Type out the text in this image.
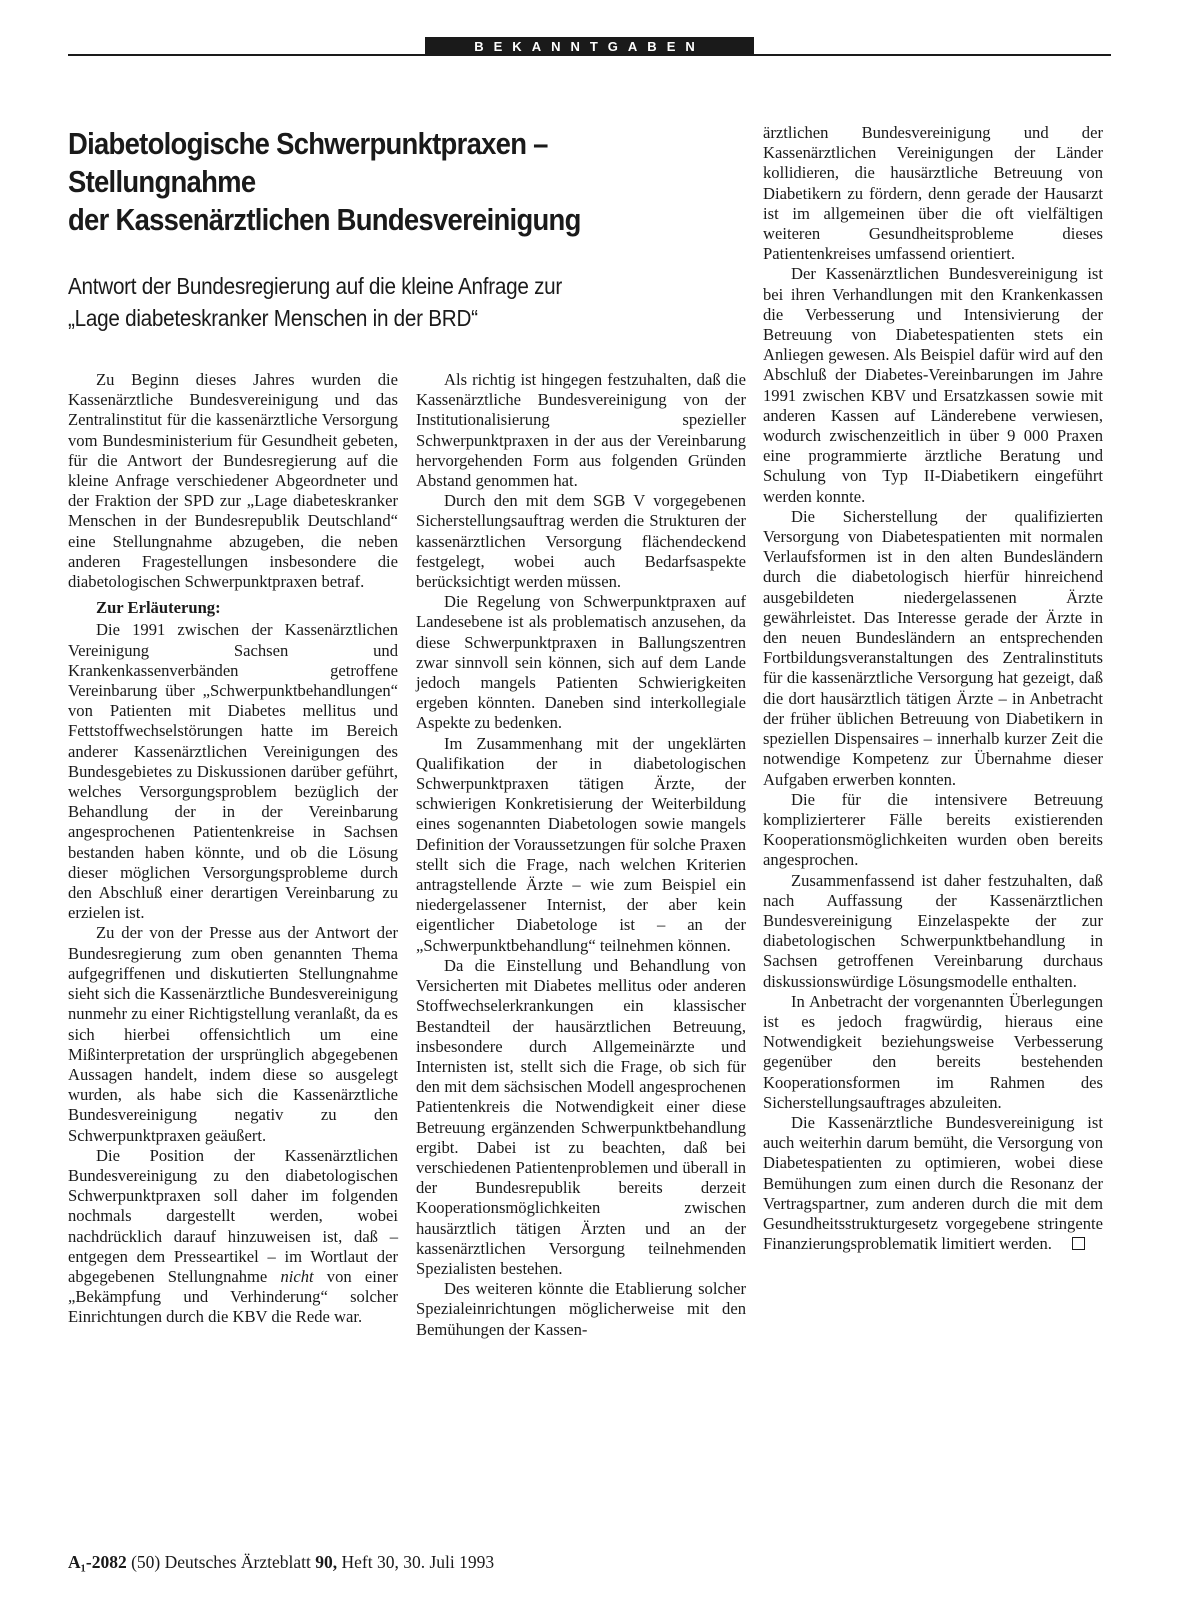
BEKANNTGABEN
Diabetologische Schwerpunktpraxen –
Stellungnahme
der Kassenärztlichen Bundesvereinigung
Antwort der Bundesregierung auf die kleine Anfrage zur
„Lage diabeteskranker Menschen in der BRD“

Zu Beginn dieses Jahres wurden die Kassenärztliche Bundesvereinigung und das Zentralinstitut für die kassenärztliche Versorgung vom Bundesministerium für Gesundheit gebeten, für die Antwort der Bundesregierung auf die kleine Anfrage verschiedener Abgeordneter und der Fraktion der SPD zur „Lage diabeteskranker Menschen in der Bundesrepublik Deutschland“ eine Stellungnahme abzugeben, die neben anderen Fragestellungen insbesondere die diabetologischen Schwerpunktpraxen betraf.

Zur Erläuterung:

Die 1991 zwischen der Kassenärztlichen Vereinigung Sachsen und Krankenkassenverbänden getroffene Vereinbarung über „Schwerpunktbehandlungen“ von Patienten mit Diabetes mellitus und Fettstoffwechselstörungen hatte im Bereich anderer Kassenärztlichen Vereinigungen des Bundesgebietes zu Diskussionen darüber geführt, welches Versorgungsproblem bezüglich der Behandlung der in der Vereinbarung angesprochenen Patientenkreise in Sachsen bestanden haben könnte, und ob die Lösung dieser möglichen Versorgungsprobleme durch den Abschluß einer derartigen Vereinbarung zu erzielen ist.

Zu der von der Presse aus der Antwort der Bundesregierung zum oben genannten Thema aufgegriffenen und diskutierten Stellungnahme sieht sich die Kassenärztliche Bundesvereinigung nunmehr zu einer Richtigstellung veranlaßt, da es sich hierbei offensichtlich um eine Mißinterpretation der ursprünglich abgegebenen Aussagen handelt, indem diese so ausgelegt wurden, als habe sich die Kassenärztliche Bundesvereinigung negativ zu den Schwerpunktpraxen geäußert.

Die Position der Kassenärztlichen Bundesvereinigung zu den diabetologischen Schwerpunktpraxen soll daher im folgenden nochmals dargestellt werden, wobei nachdrücklich darauf hinzuweisen ist, daß – entgegen dem Presseartikel – im Wortlaut der abgegebenen Stellungnahme nicht von einer „Bekämpfung und Verhinderung“ solcher Einrichtungen durch die KBV die Rede war.

Als richtig ist hingegen festzuhalten, daß die Kassenärztliche Bundesvereinigung von der Institutionalisierung spezieller Schwerpunktpraxen in der aus der Vereinbarung hervorgehenden Form aus folgenden Gründen Abstand genommen hat.

Durch den mit dem SGB V vorgegebenen Sicherstellungsauftrag werden die Strukturen der kassenärztlichen Versorgung flächendeckend festgelegt, wobei auch Bedarfsaspekte berücksichtigt werden müssen.

Die Regelung von Schwerpunktpraxen auf Landesebene ist als problematisch anzusehen, da diese Schwerpunktpraxen in Ballungszentren zwar sinnvoll sein können, sich auf dem Lande jedoch mangels Patienten Schwierigkeiten ergeben könnten. Daneben sind interkollegiale Aspekte zu bedenken.

Im Zusammenhang mit der ungeklärten Qualifikation der in diabetologischen Schwerpunktpraxen tätigen Ärzte, der schwierigen Konkretisierung der Weiterbildung eines sogenannten Diabetologen sowie mangels Definition der Voraussetzungen für solche Praxen stellt sich die Frage, nach welchen Kriterien antragstellende Ärzte – wie zum Beispiel ein niedergelassener Internist, der aber kein eigentlicher Diabetologe ist – an der „Schwerpunktbehandlung“ teilnehmen können.

Da die Einstellung und Behandlung von Versicherten mit Diabetes mellitus oder anderen Stoffwechselerkrankungen ein klassischer Bestandteil der hausärztlichen Betreuung, insbesondere durch Allgemeinärzte und Internisten ist, stellt sich die Frage, ob sich für den mit dem sächsischen Modell angesprochenen Patientenkreis die Notwendigkeit einer diese Betreuung ergänzenden Schwerpunktbehandlung ergibt. Dabei ist zu beachten, daß bei verschiedenen Patientenproblemen und überall in der Bundesrepublik bereits derzeit Kooperationsmöglichkeiten zwischen hausärztlich tätigen Ärzten und an der kassenärztlichen Versorgung teilnehmenden Spezialisten bestehen.

Des weiteren könnte die Etablierung solcher Spezialeinrichtungen möglicherweise mit den Bemühungen der Kassen-

ärztlichen Bundesvereinigung und der Kassenärztlichen Vereinigungen der Länder kollidieren, die hausärztliche Betreuung von Diabetikern zu fördern, denn gerade der Hausarzt ist im allgemeinen über die oft vielfältigen weiteren Gesundheitsprobleme dieses Patientenkreises umfassend orientiert.

Der Kassenärztlichen Bundesvereinigung ist bei ihren Verhandlungen mit den Krankenkassen die Verbesserung und Intensivierung der Betreuung von Diabetespatienten stets ein Anliegen gewesen. Als Beispiel dafür wird auf den Abschluß der Diabetes-Vereinbarungen im Jahre 1991 zwischen KBV und Ersatzkassen sowie mit anderen Kassen auf Länderebene verwiesen, wodurch zwischenzeitlich in über 9 000 Praxen eine programmierte ärztliche Beratung und Schulung von Typ II-Diabetikern eingeführt werden konnte.

Die Sicherstellung der qualifizierten Versorgung von Diabetespatienten mit normalen Verlaufsformen ist in den alten Bundesländern durch die diabetologisch hierfür hinreichend ausgebildeten niedergelassenen Ärzte gewährleistet. Das Interesse gerade der Ärzte in den neuen Bundesländern an entsprechenden Fortbildungsveranstaltungen des Zentralinstituts für die kassenärztliche Versorgung hat gezeigt, daß die dort hausärztlich tätigen Ärzte – in Anbetracht der früher üblichen Betreuung von Diabetikern in speziellen Dispensaires – innerhalb kurzer Zeit die notwendige Kompetenz zur Übernahme dieser Aufgaben erwerben konnten.

Die für die intensivere Betreuung komplizierterer Fälle bereits existierenden Kooperationsmöglichkeiten wurden oben bereits angesprochen.

Zusammenfassend ist daher festzuhalten, daß nach Auffassung der Kassenärztlichen Bundesvereinigung Einzelaspekte der zur diabetologischen Schwerpunktbehandlung in Sachsen getroffenen Vereinbarung durchaus diskussionswürdige Lösungsmodelle enthalten.

In Anbetracht der vorgenannten Überlegungen ist es jedoch fragwürdig, hieraus eine Notwendigkeit beziehungsweise Verbesserung gegenüber den bereits bestehenden Kooperationsformen im Rahmen des Sicherstellungsauftrages abzuleiten.

Die Kassenärztliche Bundesvereinigung ist auch weiterhin darum bemüht, die Versorgung von Diabetespatienten zu optimieren, wobei diese Bemühungen zum einen durch die Resonanz der Vertragspartner, zum anderen durch die mit dem Gesundheitsstrukturgesetz vorgegebene stringente Finanzierungsproblematik limitiert werden.

A₁-2082 (50) Deutsches Ärzteblatt 90, Heft 30, 30. Juli 1993
